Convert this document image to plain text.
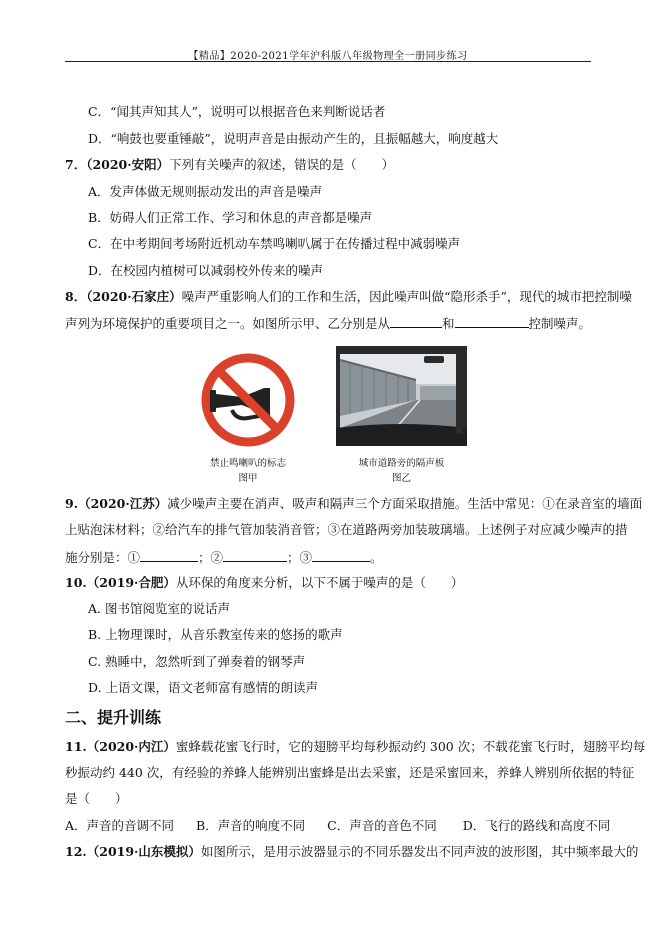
【精品】2020-2021学年沪科版八年级物理全一册同步练习
C．“闻其声知其人”，说明可以根据音色来判断说话者
D．“响鼓也要重锤敲”，说明声音是由振动产生的，且振幅越大，响度越大
7．（2020·安阳）下列有关噪声的叙述，错误的是（　　）
A．发声体做无规则振动发出的声音是噪声
B．妨碍人们正常工作、学习和休息的声音都是噪声
C．在中考期间考场附近机动车禁鸣喇叭属于在传播过程中减弱噪声
D．在校园内植树可以减弱校外传来的噪声
8．（2020·石家庄）噪声严重影响人们的工作和生活，因此噪声叫做“隐形杀手”，现代的城市把控制噪
声列为环境保护的重要项目之一。如图所示甲、乙分别是从	和	控制噪声。
禁止鸣喇叭的标志
图甲
城市道路旁的隔声板
图乙
9.（2020·江苏）减少噪声主要在消声、吸声和隔声三个方面采取措施。生活中常见：①在录音室的墙面
上贴泡沫材料；②给汽车的排气管加装消音管；③在道路两旁加装玻璃墙。上述例子对应减少噪声的措
施分别是：①	；②	；③	。
10.（2019·合肥）从环保的角度来分析，以下不属于噪声的是（　　）
A. 图书馆阅览室的说话声
B. 上物理课时，从音乐教室传来的悠扬的歌声
C. 熟睡中，忽然听到了弹奏着的钢琴声
D. 上语文课，语文老师富有感情的朗读声
二、提升训练
11.（2020·内江）蜜蜂载花蜜飞行时，它的翅膀平均每秒振动约 300 次；不载花蜜飞行时，翅膀平均每
秒振动约 440 次，有经验的养蜂人能辨别出蜜蜂是出去采蜜，还是采蜜回来，养蜂人辨别所依据的特征
是（　　）
A．声音的音调不同 B．声音的响度不同 C．声音的音色不同 D．飞行的路线和高度不同
12.（2019·山东模拟）如图所示，是用示波器显示的不同乐器发出不同声波的波形图，其中频率最大的
